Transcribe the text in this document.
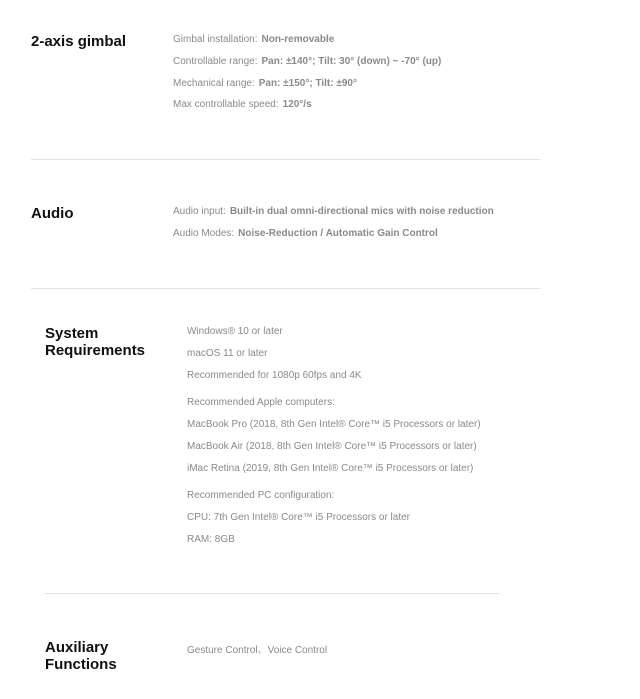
2-axis gimbal	Gimbal installation: Non-removable
Controllable range: Pan: ±140°; Tilt: 30° (down) ~ -70° (up)
Mechanical range: Pan: ±150°; Tilt: ±90°
Max controllable speed: 120°/s
Audio	Audio input: Built-in dual omni-directional mics with noise reduction
Audio Modes: Noise-Reduction / Automatic Gain Control
System
Requirements
Windows® 10 or later
macOS 11 or later
Recommended for 1080p 60fps and 4K
Recommended Apple computers:
MacBook Pro (2018, 8th Gen Intel® Core™ i5 Processors or later)
MacBook Air (2018, 8th Gen Intel® Core™ i5 Processors or later)
iMac Retina (2019, 8th Gen Intel® Core™ i5 Processors or later)
Recommended PC configuration:
CPU: 7th Gen Intel® Core™ i5 Processors or later
RAM: 8GB
Auxiliary
Functions
Gesture Control、Voice Control
